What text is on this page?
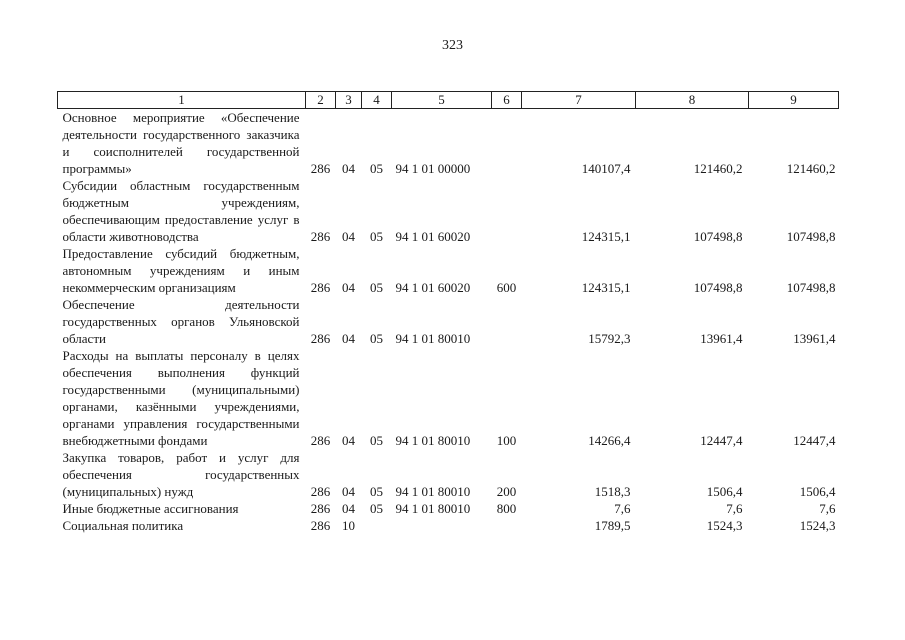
323
1	2	3	4	5	6	7	8	9
Основное мероприятие «Обеспечение деятельности государственного заказчика и соисполнителей государственной программы»	286	04	05	94 1 01 00000		140107,4	121460,2	121460,2
Субсидии областным государственным бюджетным учреждениям, обеспечивающим предоставление услуг в области животноводства	286	04	05	94 1 01 60020		124315,1	107498,8	107498,8
Предоставление субсидий бюджетным, автономным учреждениям и иным некоммерческим организациям	286	04	05	94 1 01 60020	600	124315,1	107498,8	107498,8
Обеспечение деятельности государственных органов Ульяновской области	286	04	05	94 1 01 80010		15792,3	13961,4	13961,4
Расходы на выплаты персоналу в целях обеспечения выполнения функций государственными (муниципальными) органами, казёнными учреждениями, органами управления государственными внебюджетными фондами	286	04	05	94 1 01 80010	100	14266,4	12447,4	12447,4
Закупка товаров, работ и услуг для обеспечения государственных (муниципальных) нужд	286	04	05	94 1 01 80010	200	1518,3	1506,4	1506,4
Иные бюджетные ассигнования	286	04	05	94 1 01 80010	800	7,6	7,6	7,6
Социальная политика	286	10				1789,5	1524,3	1524,3
